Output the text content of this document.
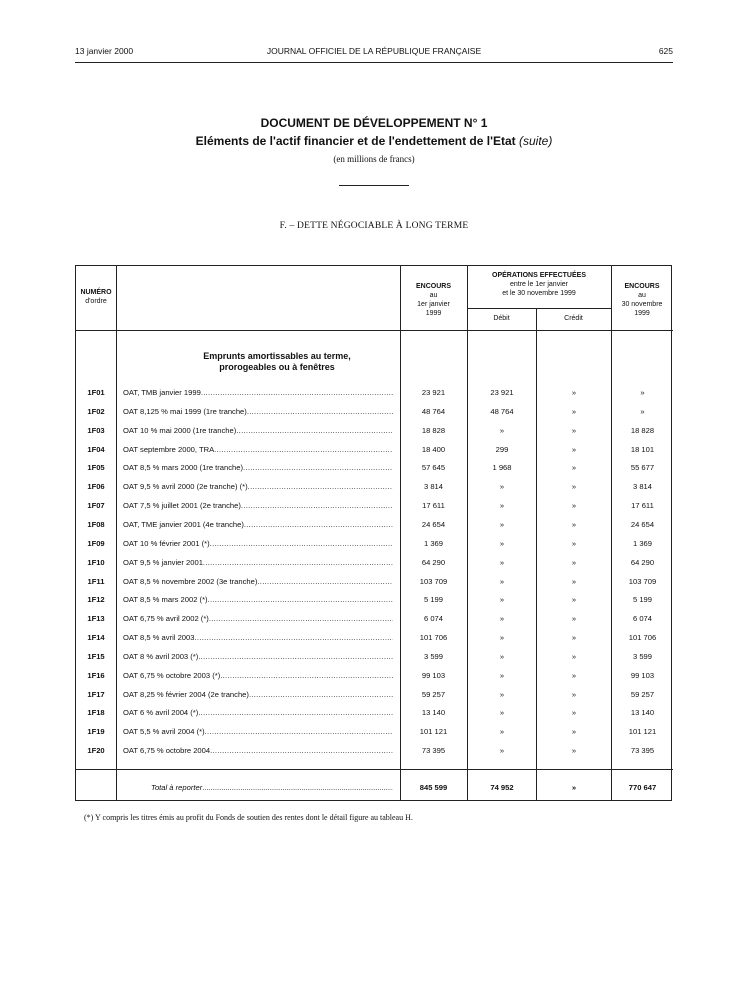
13 janvier 2000	JOURNAL OFFICIEL DE LA RÉPUBLIQUE FRANÇAISE	625
DOCUMENT DE DÉVELOPPEMENT N° 1
Eléments de l'actif financier et de l'endettement de l'Etat (suite)
(en millions de francs)
F. – DETTE NÉGOCIABLE À LONG TERME
NUMÉRO
d'ordre
ENCOURS
au
1er janvier
1999
OPÉRATIONS EFFECTUÉES
entre le 1er janvier
et le 30 novembre 1999
Débit	Crédit
ENCOURS
au
30 novembre
1999
Emprunts amortissables au terme,
prorogeables ou à fenêtres
1F01	OAT, TMB janvier 1999 .....	23 921	23 921	»	»
1F02	OAT 8,125 % mai 1999 (1re tranche) .....	48 764	48 764	»	»
1F03	OAT 10 % mai 2000 (1re tranche) .....	18 828	»	»	18 828
1F04	OAT septembre 2000, TRA .....	18 400	299	»	18 101
1F05	OAT 8,5 % mars 2000 (1re tranche) .....	57 645	1 968	»	55 677
1F06	OAT 9,5 % avril 2000 (2e tranche) (*) .....	3 814	»	»	3 814
1F07	OAT 7,5 % juillet 2001 (2e tranche) .....	17 611	»	»	17 611
1F08	OAT, TME janvier 2001 (4e tranche) .....	24 654	»	»	24 654
1F09	OAT 10 % février 2001 (*) .....	1 369	»	»	1 369
1F10	OAT 9,5 % janvier 2001 .....	64 290	»	»	64 290
1F11	OAT 8,5 % novembre 2002 (3e tranche) .....	103 709	»	»	103 709
1F12	OAT 8,5 % mars 2002 (*) .....	5 199	»	»	5 199
1F13	OAT 6,75 % avril 2002 (*) .....	6 074	»	»	6 074
1F14	OAT 8,5 % avril 2003 .....	101 706	»	»	101 706
1F15	OAT 8 % avril 2003 (*) .....	3 599	»	»	3 599
1F16	OAT 6,75 % octobre 2003 (*) .....	99 103	»	»	99 103
1F17	OAT 8,25 % février 2004 (2e tranche) .....	59 257	»	»	59 257
1F18	OAT 6 % avril 2004 (*) .....	13 140	»	»	13 140
1F19	OAT 5,5 % avril 2004 (*) .....	101 121	»	»	101 121
1F20	OAT 6,75 % octobre 2004 .....	73 395	»	»	73 395
Total à reporter .....	845 599	74 952	»	770 647
(*) Y compris les titres émis au profit du Fonds de soutien des rentes dont le détail figure au tableau H.
